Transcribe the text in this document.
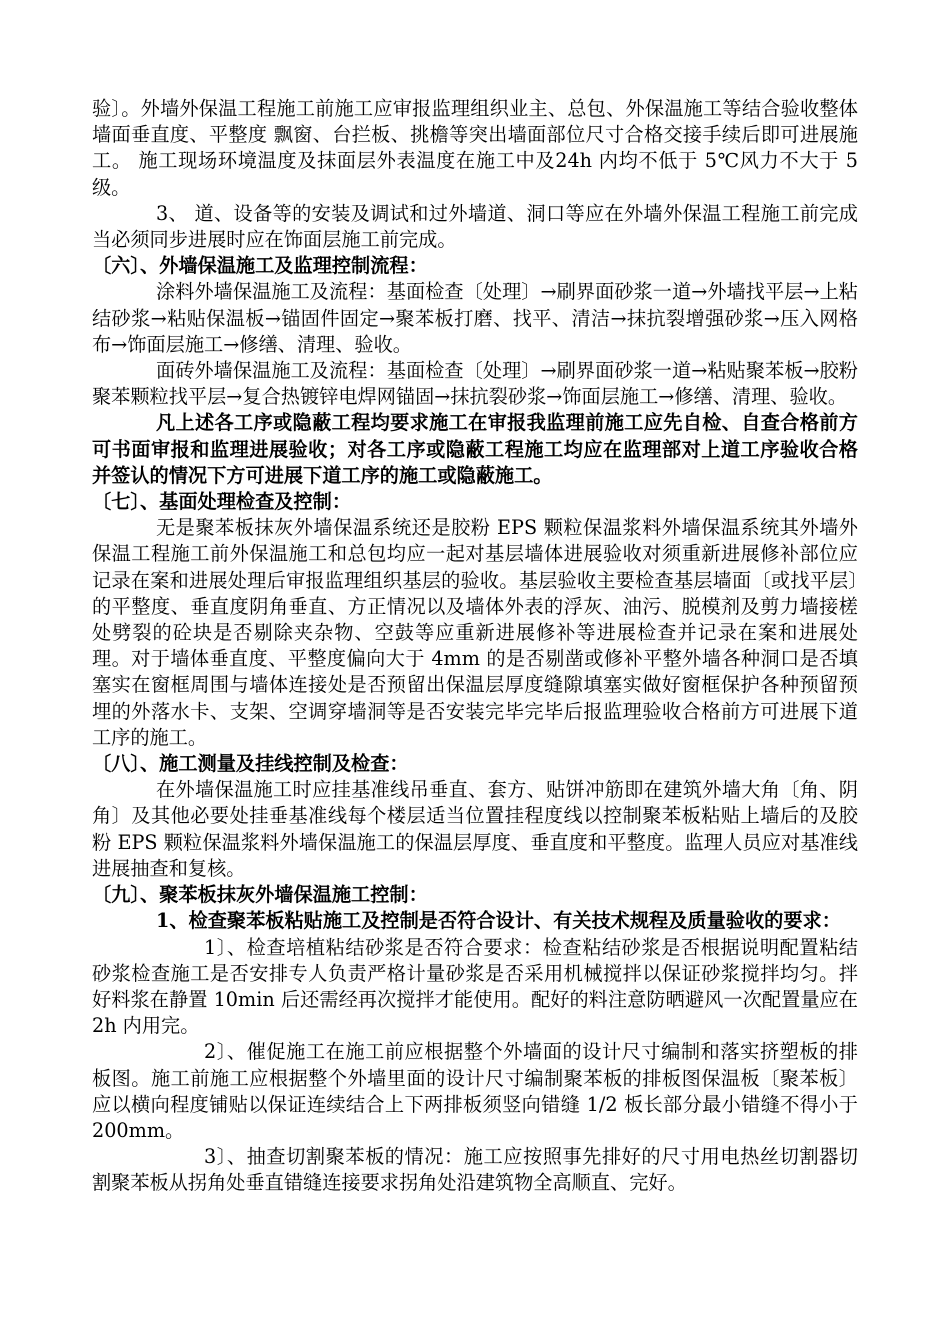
验〕。外墙外保温工程施工前施工应审报监理组织业主、总包、外保温施工等结合验收整体墙面垂直度、平整度 飘窗、台拦板、挑檐等突出墙面部位尺寸合格交接手续后即可进展施工。 施工现场环境温度及抹面层外表温度在施工中及24h 内均不低于 5℃风力不大于 5 级。

3、 道、设备等的安装及调试和过外墙道、洞口等应在外墙外保温工程施工前完成当必须同步进展时应在饰面层施工前完成。

〔六〕、外墙保温施工及监理控制流程：

涂料外墙保温施工及流程：基面检查〔处理〕→刷界面砂浆一道→外墙找平层→上粘结砂浆→粘贴保温板→锚固件固定→聚苯板打磨、找平、清洁→抹抗裂增强砂浆→压入网格布→饰面层施工→修缮、清理、验收。

面砖外墙保温施工及流程：基面检查〔处理〕→刷界面砂浆一道→粘贴聚苯板→胶粉聚苯颗粒找平层→复合热镀锌电焊网锚固→抹抗裂砂浆→饰面层施工→修缮、清理、验收。

凡上述各工序或隐蔽工程均要求施工在审报我监理前施工应先自检、自查合格前方可书面审报和监理进展验收；对各工序或隐蔽工程施工均应在监理部对上道工序验收合格并签认的情况下方可进展下道工序的施工或隐蔽施工。

〔七〕、基面处理检查及控制：

无是聚苯板抹灰外墙保温系统还是胶粉 EPS 颗粒保温浆料外墙保温系统其外墙外保温工程施工前外保温施工和总包均应一起对基层墙体进展验收对须重新进展修补部位应记录在案和进展处理后审报监理组织基层的验收。基层验收主要检查基层墙面〔或找平层〕的平整度、垂直度阴角垂直、方正情况以及墙体外表的浮灰、油污、脱模剂及剪力墙接槎处劈裂的砼块是否剔除夹杂物、空鼓等应重新进展修补等进展检查并记录在案和进展处理。对于墙体垂直度、平整度偏向大于 4mm 的是否剔凿或修补平整外墙各种洞口是否填塞实在窗框周围与墙体连接处是否预留出保温层厚度缝隙填塞实做好窗框保护各种预留预埋的外落水卡、支架、空调穿墙洞等是否安装完毕完毕后报监理验收合格前方可进展下道工序的施工。

〔八〕、施工测量及挂线控制及检查：

在外墙保温施工时应挂基准线吊垂直、套方、贴饼冲筋即在建筑外墙大角〔角、阴角〕及其他必要处挂垂基准线每个楼层适当位置挂程度线以控制聚苯板粘贴上墙后的及胶粉 EPS 颗粒保温浆料外墙保温施工的保温层厚度、垂直度和平整度。监理人员应对基准线进展抽查和复核。

〔九〕、聚苯板抹灰外墙保温施工控制：

1、检查聚苯板粘贴施工及控制是否符合设计、有关技术规程及质量验收的要求：

1〕、检查培植粘结砂浆是否符合要求：检查粘结砂浆是否根据说明配置粘结砂浆检查施工是否安排专人负责严格计量砂浆是否采用机械搅拌以保证砂浆搅拌均匀。拌好料浆在静置 10min 后还需经再次搅拌才能使用。配好的料注意防晒避风一次配置量应在 2h 内用完。

2〕、催促施工在施工前应根据整个外墙面的设计尺寸编制和落实挤塑板的排板图。施工前施工应根据整个外墙里面的设计尺寸编制聚苯板的排板图保温板〔聚苯板〕应以横向程度铺贴以保证连续结合上下两排板须竖向错缝 1/2 板长部分最小错缝不得小于 200mm。

3〕、抽查切割聚苯板的情况：施工应按照事先排好的尺寸用电热丝切割器切割聚苯板从拐角处垂直错缝连接要求拐角处沿建筑物全高顺直、完好。
